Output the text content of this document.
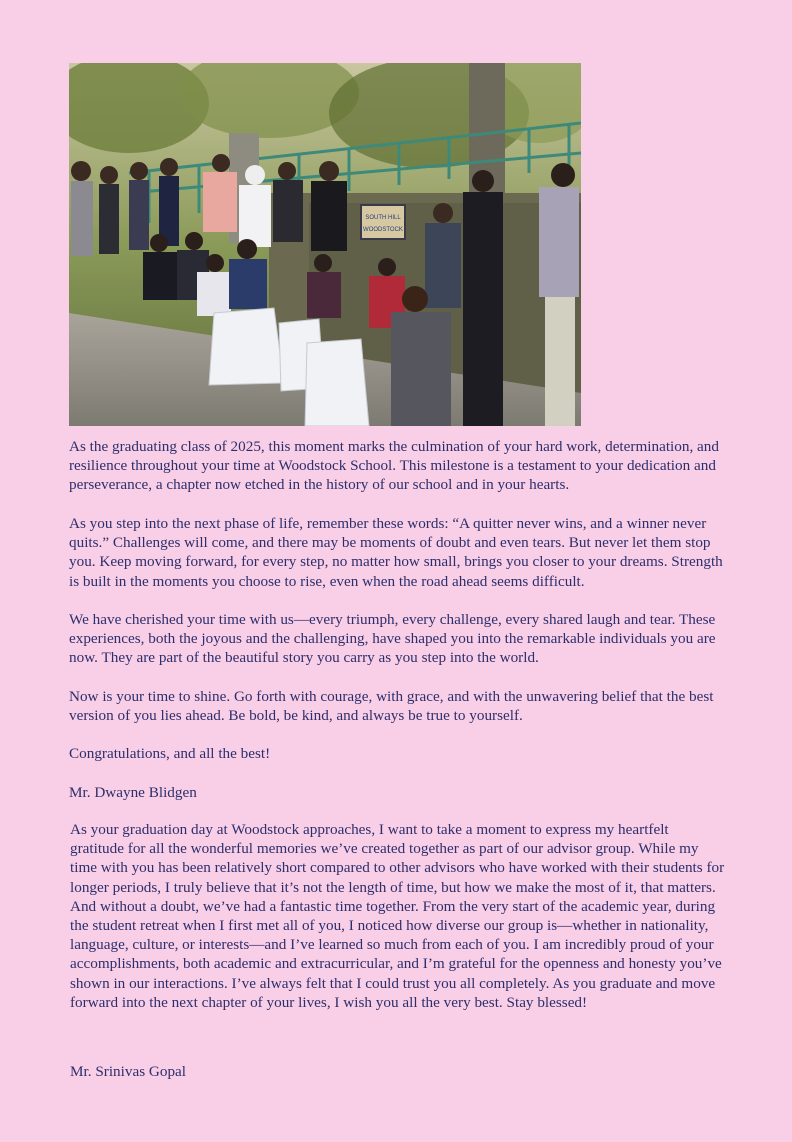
SOUTH HILL
WOODSTOCK

As the graduating class of 2025, this moment marks the culmination of your hard work, determination, and resilience throughout your time at Woodstock School. This milestone is a testament to your dedication and perseverance, a chapter now etched in the history of our school and in your hearts.

As you step into the next phase of life, remember these words: “A quitter never wins, and a winner never quits.” Challenges will come, and there may be moments of doubt and even tears. But never let them stop you. Keep moving forward, for every step, no matter how small, brings you closer to your dreams. Strength is built in the moments you choose to rise, even when the road ahead seems difficult.

We have cherished your time with us—every triumph, every challenge, every shared laugh and tear. These experiences, both the joyous and the challenging, have shaped you into the remarkable individuals you are now. They are part of the beautiful story you carry as you step into the world.

Now is your time to shine. Go forth with courage, with grace, and with the unwavering belief that the best version of you lies ahead. Be bold, be kind, and always be true to yourself.

Congratulations, and all the best!

Mr. Dwayne Blidgen

As your graduation day at Woodstock approaches, I want to take a moment to express my heartfelt gratitude for all the wonderful memories we’ve created together as part of our advisor group. While my time with you has been relatively short compared to other advisors who have worked with their students for longer periods, I truly believe that it’s not the length of time, but how we make the most of it, that matters. And without a doubt, we’ve had a fantastic time together. From the very start of the academic year, during the student retreat when I first met all of you, I noticed how diverse our group is—whether in nationality, language, culture, or interests—and I’ve learned so much from each of you. I am incredibly proud of your accomplishments, both academic and extracurricular, and I’m grateful for the openness and honesty you’ve shown in our interactions. I’ve always felt that I could trust you all completely. As you graduate and move forward into the next chapter of your lives, I wish you all the very best. Stay blessed!

Mr. Srinivas Gopal
